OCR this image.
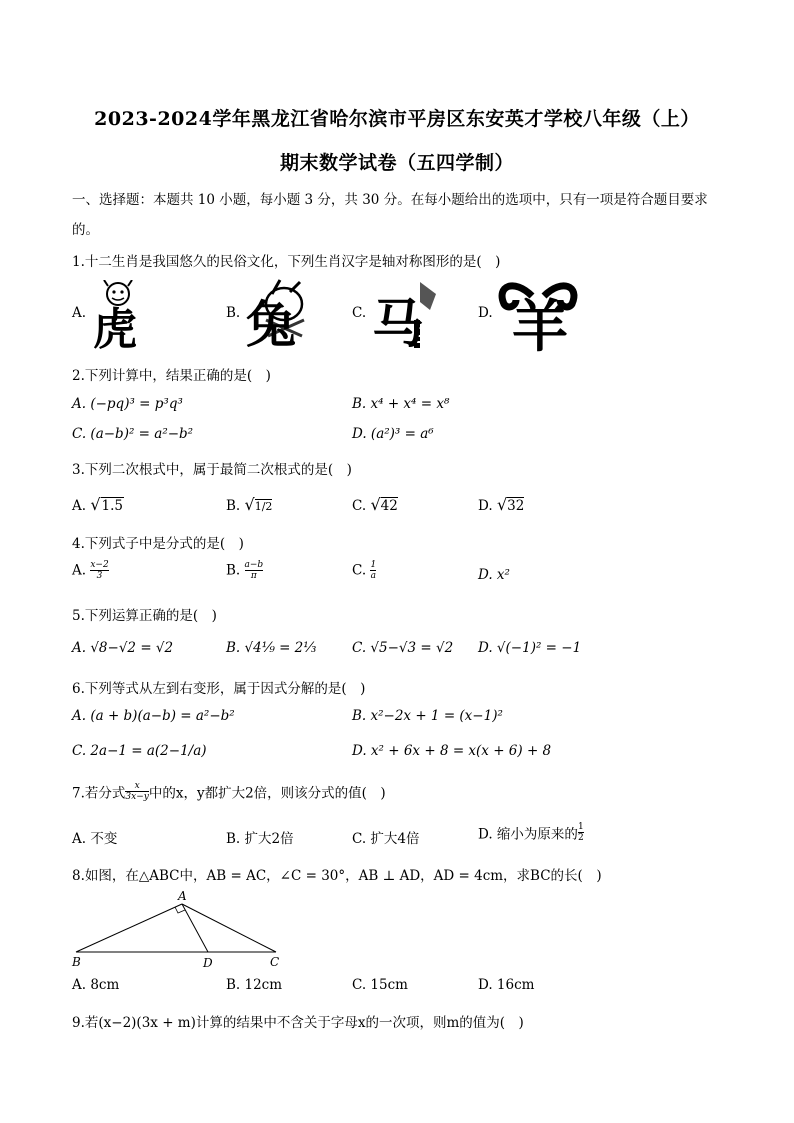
2023-2024学年黑龙江省哈尔滨市平房区东安英才学校八年级（上）
期末数学试卷（五四学制）
一、选择题：本题共 10 小题，每小题 3 分，共 30 分。在每小题给出的选项中，只有一项是符合题目要求
的。
1.十二生肖是我国悠久的民俗文化，下列生肖汉字是轴对称图形的是(　)
A. 虎	B. 兔	C. 马	D. 羊
2.下列计算中，结果正确的是(　)
A. (−pq)³ = p³q³	B. x⁴ + x⁴ = x⁸
C. (a−b)² = a²−b²	D. (a²)³ = a⁶
3.下列二次根式中，属于最简二次根式的是(　)
A. √1.5	B. √1/2	C. √42	D. √32
4.下列式子中是分式的是(　)
A. $\frac{x-2}{3}$	B. $\frac{a-b}{\pi}$	C. $\frac{1}{a}$	D. x²
5.下列运算正确的是(　)
A. √8−√2 = √2	B. √4⅑ = 2⅓	C. √5−√3 = √2 D. √(−1)² = −1
6.下列等式从左到右变形，属于因式分解的是(　)
A. (a + b)(a−b) = a²−b²	B. x²−2x + 1 = (x−1)²
C. 2a−1 = a(2−1/a)	D. x² + 6x + 8 = x(x + 6) + 8
7.若分式 $\frac{x}{3x-y}$ 中的x，y都扩大2倍，则该分式的值(　)
A. 不变	B. 扩大2倍	C. 扩大4倍	D. 缩小为原来的 $\frac{1}{2}$
8.如图，在△ABC中，AB = AC，∠C = 30°，AB ⊥ AD，AD = 4cm，求BC的长(　)
A
B	D	C
A. 8cm	B. 12cm	C. 15cm	D. 16cm
9.若(x−2)(3x + m)计算的结果中不含关于字母x的一次项，则m的值为(　)
